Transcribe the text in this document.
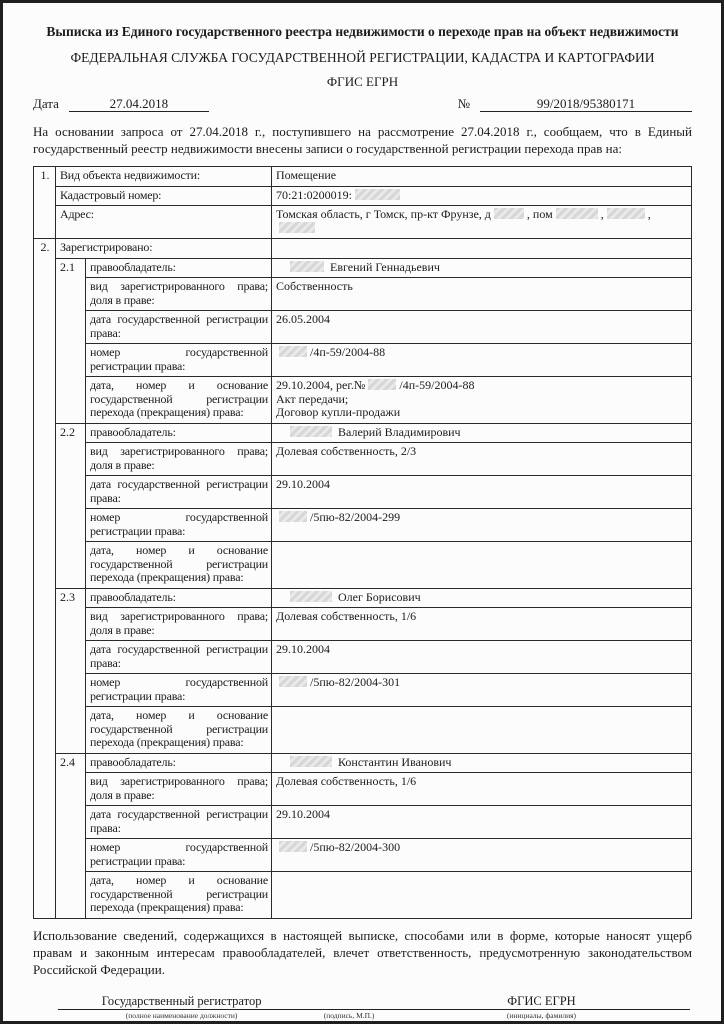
Выписка из Единого государственного реестра недвижимости о переходе прав на объект недвижимости
ФЕДЕРАЛЬНАЯ СЛУЖБА ГОСУДАРСТВЕННОЙ РЕГИСТРАЦИИ, КАДАСТРА И КАРТОГРАФИИ
ФГИС ЕГРН
Дата	27.04.2018	№	99/2018/95380171
На основании запроса от 27.04.2018 г., поступившего на рассмотрение 27.04.2018 г., сообщаем, что в Единый государственный реестр недвижимости внесены записи о государственной регистрации перехода прав на:
1.	Вид объекта недвижимости:		Помещение
	Кадастровый номер:		70:21:0200019:
	Адрес:		Томская область, г Томск, пр-кт Фрунзе, д , пом , ,
2.	Зарегистрировано:		
	2.1	правообладатель:	Евгений Геннадьевич
		вид зарегистрированного права; доля в праве:	Собственность
		дата государственной регистрации права:	26.05.2004
		номер государственной регистрации права:	/4п-59/2004-88
		дата, номер и основание государственной регистрации перехода (прекращения) права:	29.10.2004, рег.№ /4п-59/2004-88
Акт передачи;
Договор купли-продажи

	2.2	правообладатель:	Валерий Владимирович
		вид зарегистрированного права; доля в праве:	Долевая собственность, 2/3
		дата государственной регистрации права:	29.10.2004
		номер государственной регистрации права:	/5пю-82/2004-299
		дата, номер и основание государственной регистрации перехода (прекращения) права:	
	2.3	правообладатель:	Олег Борисович
		вид зарегистрированного права; доля в праве:	Долевая собственность, 1/6
		дата государственной регистрации права:	29.10.2004
		номер государственной регистрации права:	/5пю-82/2004-301
		дата, номер и основание государственной регистрации перехода (прекращения) права:	
	2.4	правообладатель:	Константин Иванович
		вид зарегистрированного права; доля в праве:	Долевая собственность, 1/6
		дата государственной регистрации права:	29.10.2004
		номер государственной регистрации права:	/5пю-82/2004-300
		дата, номер и основание государственной регистрации перехода (прекращения) права:	
Использование сведений, содержащихся в настоящей выписке, способами или в форме, которые наносят ущерб правам и законным интересам правообладателей, влечет ответственность, предусмотренную законодательством Российской Федерации.
Государственный регистратор
(полное наименование должности)	(подпись, М.П.)
ФГИС ЕГРН
(инициалы, фамилия)
